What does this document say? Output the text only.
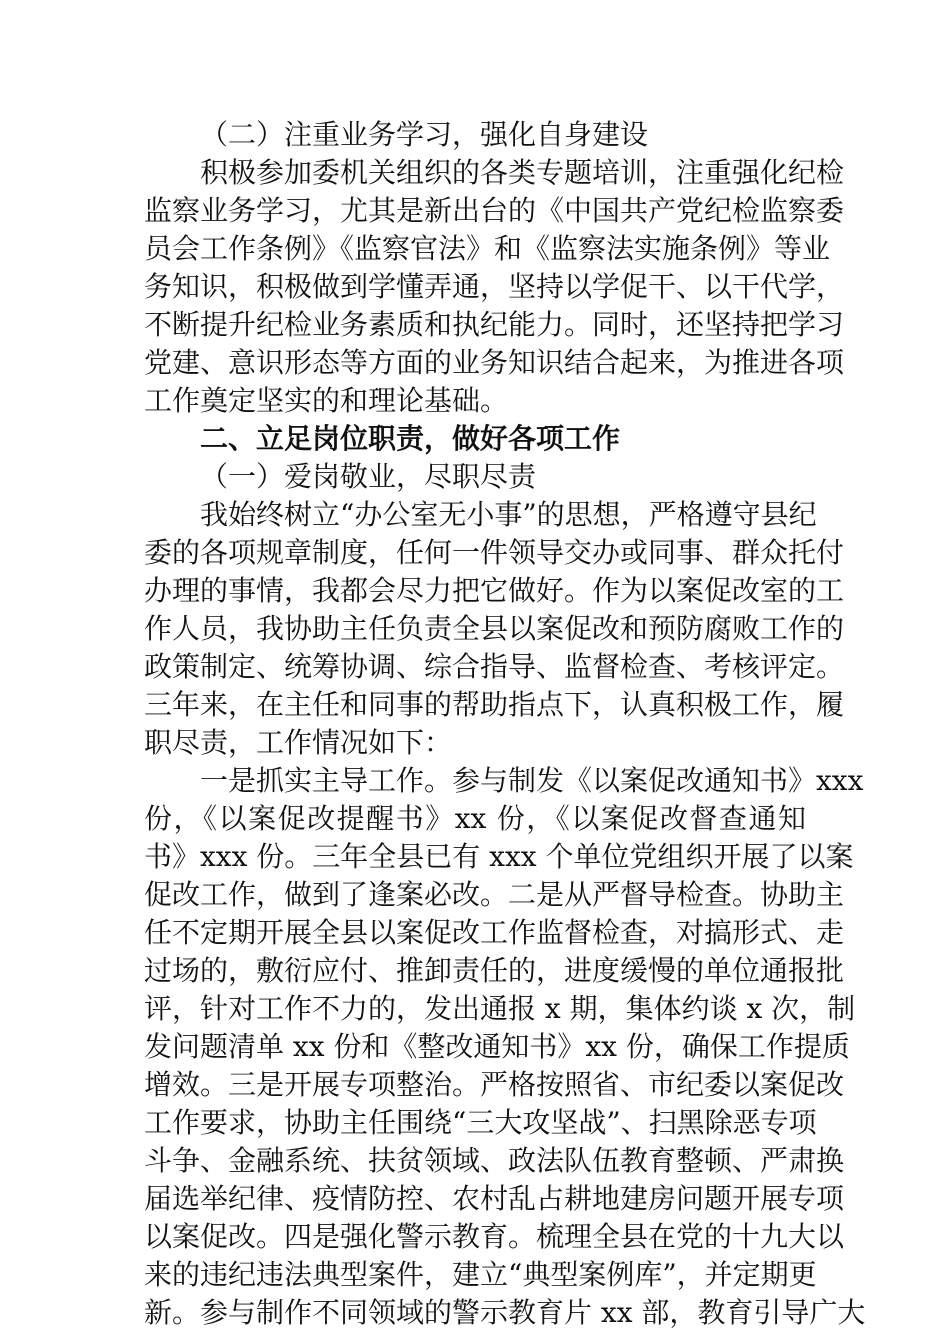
（二）注重业务学习，强化自身建设
积极参加委机关组织的各类专题培训，注重强化纪检
监察业务学习，尤其是新出台的《中国共产党纪检监察委
员会工作条例》《监察官法》和《监察法实施条例》等业
务知识，积极做到学懂弄通，坚持以学促干、以干代学，
不断提升纪检业务素质和执纪能力。同时，还坚持把学习
党建、意识形态等方面的业务知识结合起来，为推进各项
工作奠定坚实的和理论基础。
二、立足岗位职责，做好各项工作
（一）爱岗敬业，尽职尽责
我始终树立“办公室无小事”的思想，严格遵守县纪
委的各项规章制度，任何一件领导交办或同事、群众托付
办理的事情，我都会尽力把它做好。作为以案促改室的工
作人员，我协助主任负责全县以案促改和预防腐败工作的
政策制定、统筹协调、综合指导、监督检查、考核评定。
三年来，在主任和同事的帮助指点下，认真积极工作，履
职尽责，工作情况如下：
一是抓实主导工作。参与制发《以案促改通知书》xxx
份，《以案促改提醒书》xx 份，《以案促改督查通知
书》xxx 份。三年全县已有 xxx 个单位党组织开展了以案
促改工作，做到了逢案必改。二是从严督导检查。协助主
任不定期开展全县以案促改工作监督检查，对搞形式、走
过场的，敷衍应付、推卸责任的，进度缓慢的单位通报批
评，针对工作不力的，发出通报 x 期，集体约谈 x 次，制
发问题清单 xx 份和《整改通知书》xx 份，确保工作提质
增效。三是开展专项整治。严格按照省、市纪委以案促改
工作要求，协助主任围绕“三大攻坚战”、扫黑除恶专项
斗争、金融系统、扶贫领域、政法队伍教育整顿、严肃换
届选举纪律、疫情防控、农村乱占耕地建房问题开展专项
以案促改。四是强化警示教育。梳理全县在党的十九大以
来的违纪违法典型案件，建立“典型案例库”，并定期更
新。参与制作不同领域的警示教育片 xx 部，教育引导广大
